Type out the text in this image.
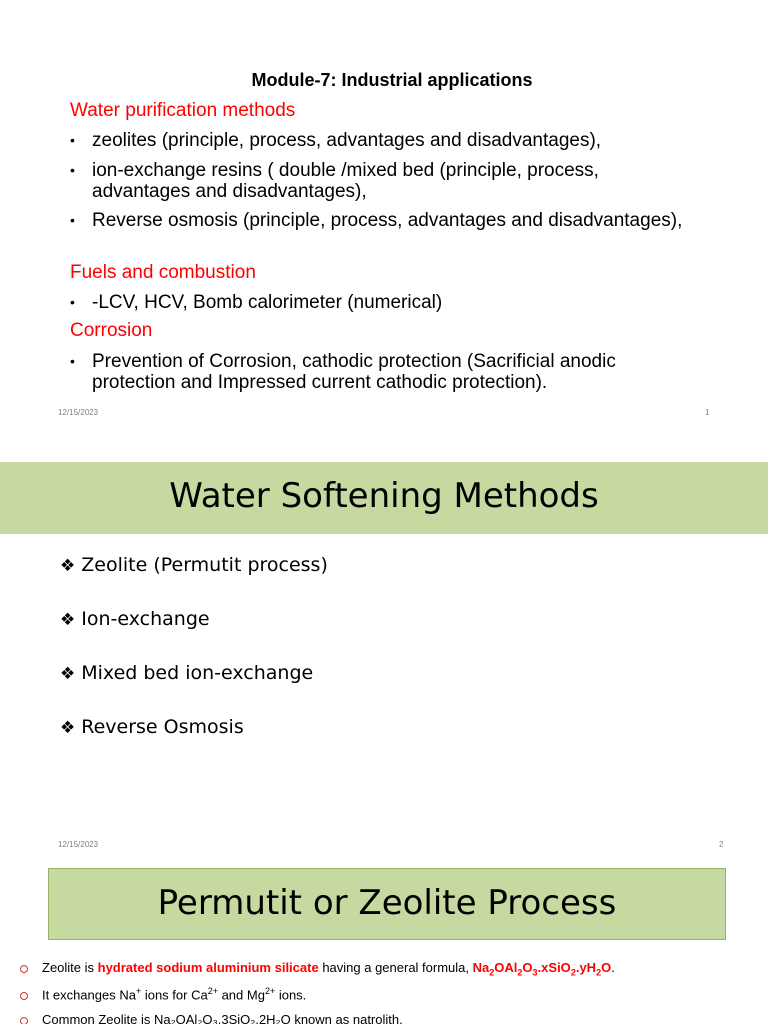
Module-7: Industrial applications
Water purification methods
• zeolites (principle, process, advantages and disadvantages),
• ion-exchange resins ( double /mixed bed (principle, process, advantages and disadvantages),
• Reverse osmosis (principle, process, advantages and disadvantages),
Fuels and combustion
• -LCV, HCV, Bomb calorimeter (numerical)
Corrosion
• Prevention of Corrosion, cathodic protection (Sacrificial anodic protection and Impressed current cathodic protection).
12/15/2023	1
Water Softening Methods
❖ Zeolite (Permutit process)
❖ Ion-exchange
❖ Mixed bed ion-exchange
❖ Reverse Osmosis
12/15/2023	2
Permutit or Zeolite Process
Zeolite is hydrated sodium aluminium silicate having a general formula, $Na_2OAl_2O_3.xSiO_2.yH_2O$.
It exchanges Na+ ions for $Ca^{2+}$ and $Mg^{2+}$ ions.
Common Zeolite is Na₂OAl₂O₃.3SiO₂.2H₂O known as natrolith.
